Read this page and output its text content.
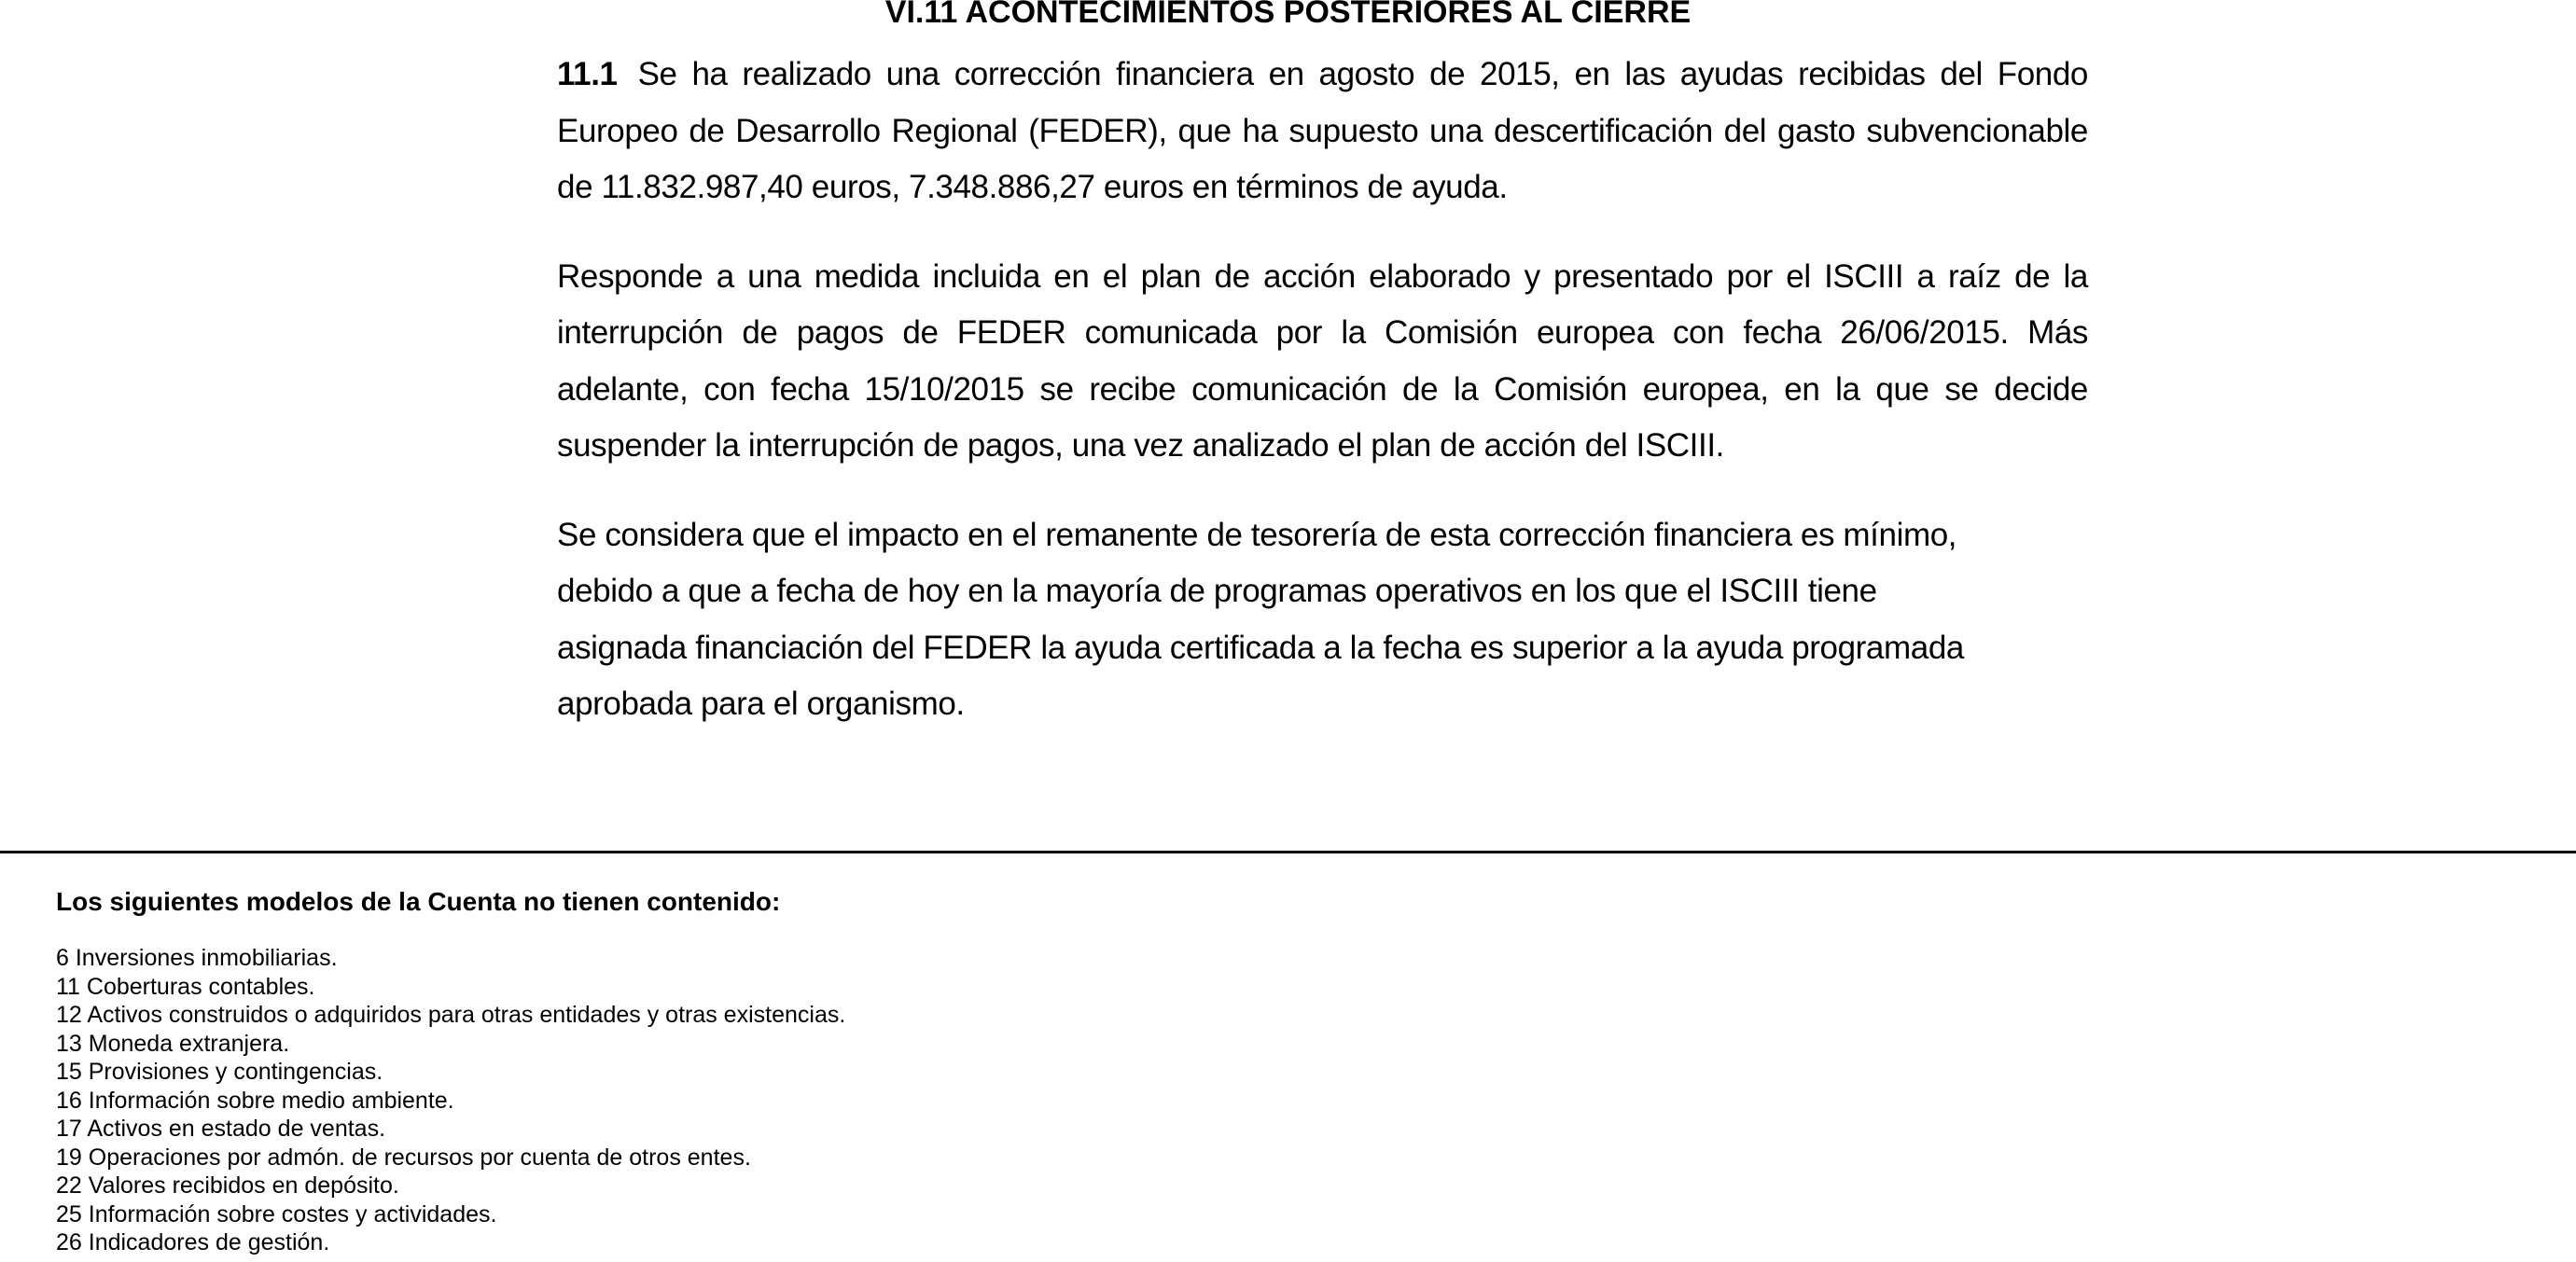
VI.11 ACONTECIMIENTOS POSTERIORES AL CIERRE

11.1 Se ha realizado una corrección financiera en agosto de 2015, en las ayudas recibidas del Fondo Europeo de Desarrollo Regional (FEDER), que ha supuesto una descertificación del gasto subvencionable de 11.832.987,40 euros, 7.348.886,27 euros en términos de ayuda.

Responde a una medida incluida en el plan de acción elaborado y presentado por el ISCIII a raíz de la interrupción de pagos de FEDER comunicada por la Comisión europea con fecha 26/06/2015. Más adelante, con fecha 15/10/2015 se recibe comunicación de la Comisión europea, en la que se decide suspender la interrupción de pagos, una vez analizado el plan de acción del ISCIII.

Se considera que el impacto en el remanente de tesorería de esta corrección financiera es mínimo, debido a que a fecha de hoy en la mayoría de programas operativos en los que el ISCIII tiene asignada financiación del FEDER la ayuda certificada a la fecha es superior a la ayuda programada aprobada para el organismo.

Los siguientes modelos de la Cuenta no tienen contenido:

6 Inversiones inmobiliarias.
11 Coberturas contables.
12 Activos construidos o adquiridos para otras entidades y otras existencias.
13 Moneda extranjera.
15 Provisiones y contingencias.
16 Información sobre medio ambiente.
17 Activos en estado de ventas.
19 Operaciones por admón. de recursos por cuenta de otros entes.
22 Valores recibidos en depósito.
25 Información sobre costes y actividades.
26 Indicadores de gestión.
